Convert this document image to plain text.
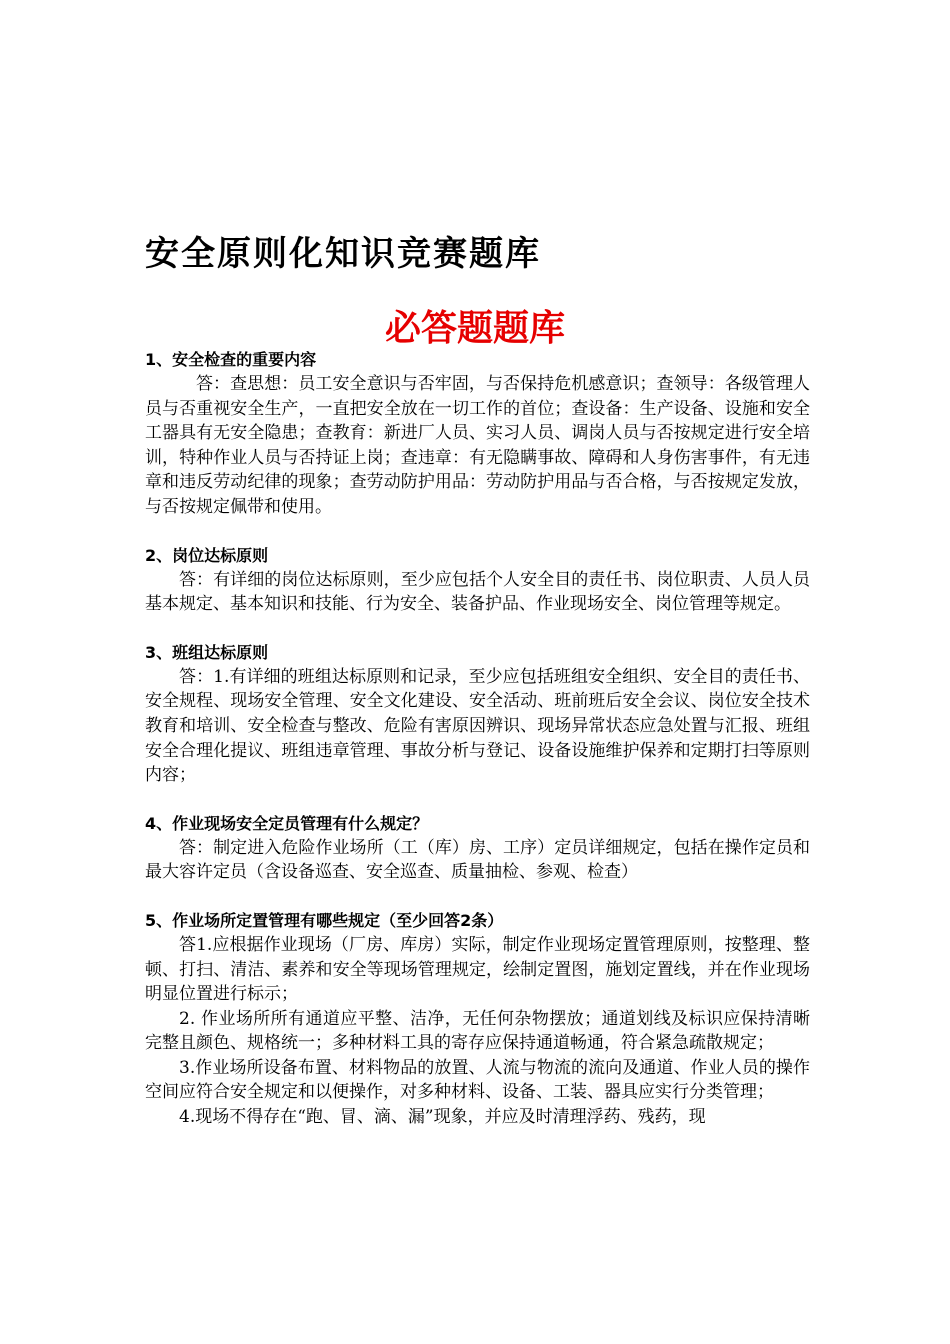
安全原则化知识竞赛题库
必答题题库

1、安全检查的重要内容

答：查思想：员工安全意识与否牢固，与否保持危机感意识；查领导：各级管理人员与否重视安全生产，一直把安全放在一切工作的首位；查设备：生产设备、设施和安全工器具有无安全隐患；查教育：新进厂人员、实习人员、调岗人员与否按规定进行安全培训，特种作业人员与否持证上岗；查违章：有无隐瞒事故、障碍和人身伤害事件，有无违章和违反劳动纪律的现象；查劳动防护用品：劳动防护用品与否合格，与否按规定发放，与否按规定佩带和使用。

2、岗位达标原则

答：有详细的岗位达标原则，至少应包括个人安全目的责任书、岗位职责、人员人员基本规定、基本知识和技能、行为安全、装备护品、作业现场安全、岗位管理等规定。

3、班组达标原则

答：1.有详细的班组达标原则和记录，至少应包括班组安全组织、安全目的责任书、安全规程、现场安全管理、安全文化建设、安全活动、班前班后安全会议、岗位安全技术教育和培训、安全检查与整改、危险有害原因辨识、现场异常状态应急处置与汇报、班组安全合理化提议、班组违章管理、事故分析与登记、设备设施维护保养和定期打扫等原则内容；

4、作业现场安全定员管理有什么规定？

答：制定进入危险作业场所（工（库）房、工序）定员详细规定，包括在操作定员和最大容许定员（含设备巡查、安全巡查、质量抽检、参观、检查）

5、作业场所定置管理有哪些规定（至少回答2条）

答1.应根据作业现场（厂房、库房）实际，制定作业现场定置管理原则，按整理、整顿、打扫、清洁、素养和安全等现场管理规定，绘制定置图，施划定置线，并在作业现场明显位置进行标示；

2. 作业场所所有通道应平整、洁净，无任何杂物摆放；通道划线及标识应保持清晰完整且颜色、规格统一；多种材料工具的寄存应保持通道畅通，符合紧急疏散规定；

3.作业场所设备布置、材料物品的放置、人流与物流的流向及通道、作业人员的操作空间应符合安全规定和以便操作，对多种材料、设备、工装、器具应实行分类管理；

4.现场不得存在“跑、冒、滴、漏”现象，并应及时清理浮药、残药，现
